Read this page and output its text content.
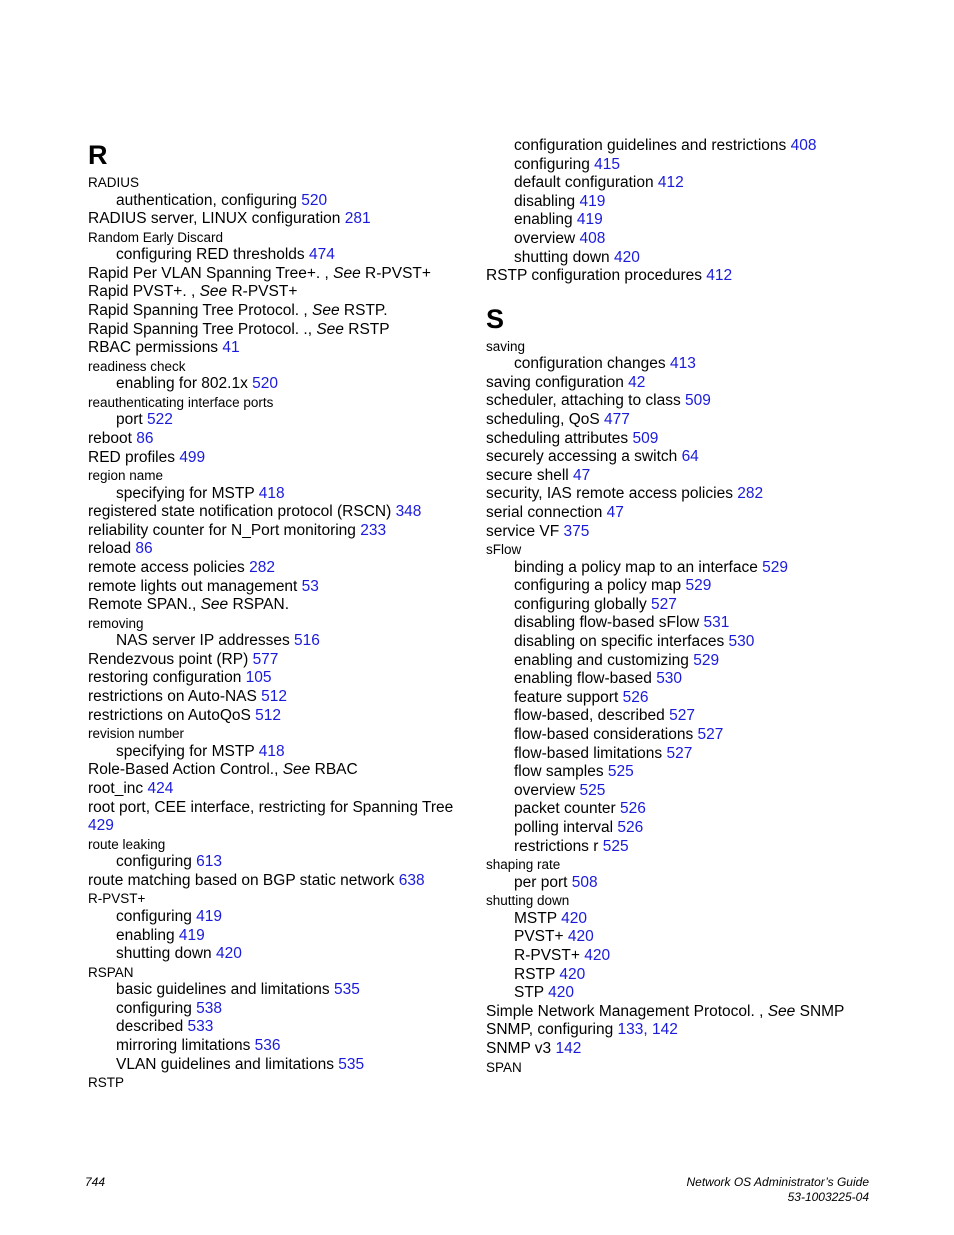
R
RADIUS
authentication, configuring 520
RADIUS server, LINUX configuration 281
Random Early Discard
configuring RED thresholds 474
Rapid Per VLAN Spanning Tree+. , See R-PVST+
Rapid PVST+. , See R-PVST+
Rapid Spanning Tree Protocol. , See RSTP.
Rapid Spanning Tree Protocol. ., See RSTP
RBAC permissions 41
readiness check
enabling for 802.1x 520
reauthenticating interface ports
port 522
reboot 86
RED profiles 499
region name
specifying for MSTP 418
registered state notification protocol (RSCN) 348
reliability counter for N_Port monitoring 233
reload 86
remote access policies 282
remote lights out management 53
Remote SPAN., See RSPAN.
removing
NAS server IP addresses 516
Rendezvous point (RP) 577
restoring configuration 105
restrictions on Auto-NAS 512
restrictions on AutoQoS 512
revision number
specifying for MSTP 418
Role-Based Action Control., See RBAC
root_inc 424
root port, CEE interface, restricting for Spanning Tree 429
route leaking
configuring 613
route matching based on BGP static network 638
R-PVST+
configuring 419
enabling 419
shutting down 420
RSPAN
basic guidelines and limitations 535
configuring 538
described 533
mirroring limitations 536
VLAN guidelines and limitations 535
RSTP
configuration guidelines and restrictions 408
configuring 415
default configuration 412
disabling 419
enabling 419
overview 408
shutting down 420
RSTP configuration procedures 412
S
saving
configuration changes 413
saving configuration 42
scheduler, attaching to class 509
scheduling, QoS 477
scheduling attributes 509
securely accessing a switch 64
secure shell 47
security, IAS remote access policies 282
serial connection 47
service VF 375
sFlow
binding a policy map to an interface 529
configuring a policy map 529
configuring globally 527
disabling flow-based sFlow 531
disabling on specific interfaces 530
enabling and customizing 529
enabling flow-based 530
feature support 526
flow-based, described 527
flow-based considerations 527
flow-based limitations 527
flow samples 525
overview 525
packet counter 526
polling interval 526
restrictions r 525
shaping rate
per port 508
shutting down
MSTP 420
PVST+ 420
R-PVST+ 420
RSTP 420
STP 420
Simple Network Management Protocol. , See SNMP
SNMP, configuring 133, 142
SNMP v3 142
SPAN
744	Network OS Administrator’s Guide
53-1003225-04
